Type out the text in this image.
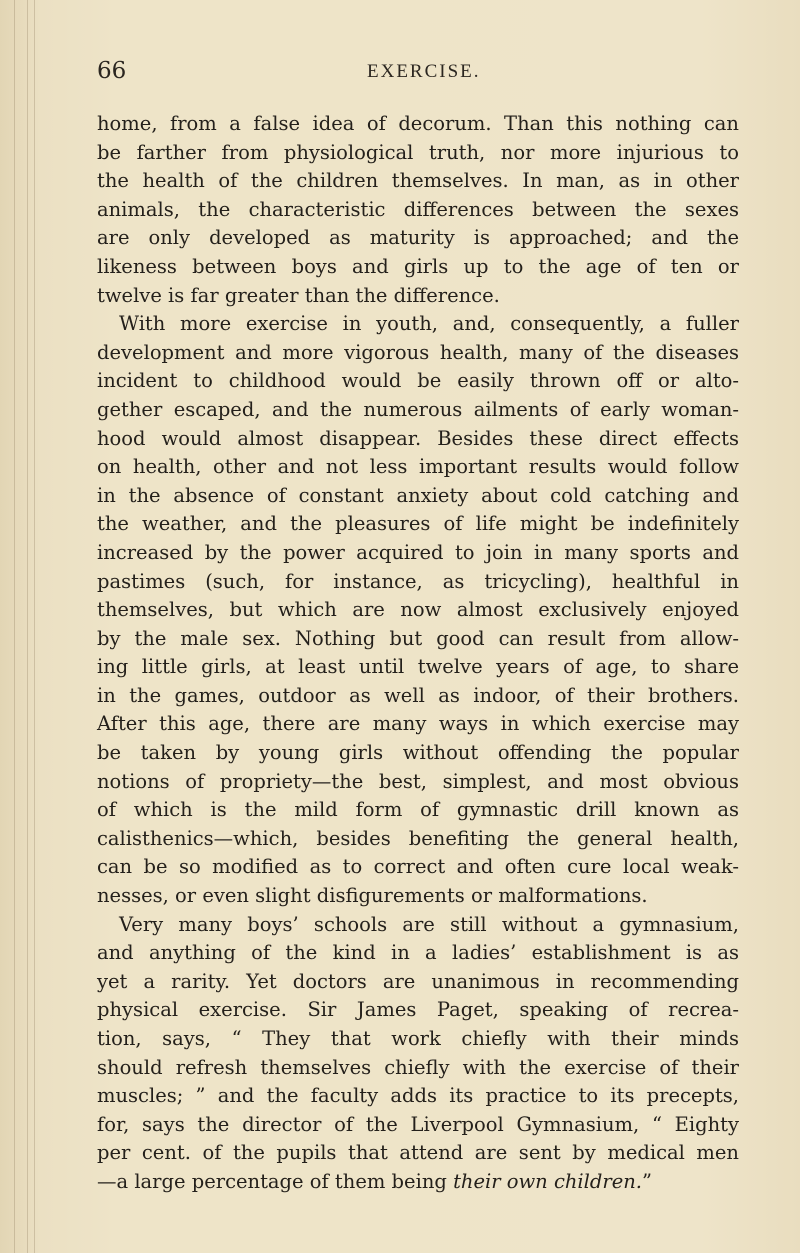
66	EXERCISE.
home, from a false idea of decorum. Than this nothing can
be farther from physiological truth, nor more injurious to
the health of the children themselves. In man, as in other
animals, the characteristic differences between the sexes
are only developed as maturity is approached; and the
likeness between boys and girls up to the age of ten or
twelve is far greater than the difference.
With more exercise in youth, and, consequently, a fuller
development and more vigorous health, many of the diseases
incident to childhood would be easily thrown off or alto-
gether escaped, and the numerous ailments of early woman-
hood would almost disappear. Besides these direct effects
on health, other and not less important results would follow
in the absence of constant anxiety about cold catching and
the weather, and the pleasures of life might be indefinitely
increased by the power acquired to join in many sports and
pastimes (such, for instance, as tricycling), healthful in
themselves, but which are now almost exclusively enjoyed
by the male sex. Nothing but good can result from allow-
ing little girls, at least until twelve years of age, to share
in the games, outdoor as well as indoor, of their brothers.
After this age, there are many ways in which exercise may
be taken by young girls without offending the popular
notions of propriety—the best, simplest, and most obvious
of which is the mild form of gymnastic drill known as
calisthenics—which, besides benefiting the general health,
can be so modified as to correct and often cure local weak-
nesses, or even slight disfigurements or malformations.
Very many boys’ schools are still without a gymnasium,
and anything of the kind in a ladies’ establishment is as
yet a rarity. Yet doctors are unanimous in recommending
physical exercise. Sir James Paget, speaking of recrea-
tion, says, “ They that work chiefly with their minds
should refresh themselves chiefly with the exercise of their
muscles; ” and the faculty adds its practice to its precepts,
for, says the director of the Liverpool Gymnasium, “ Eighty
per cent. of the pupils that attend are sent by medical men
—a large percentage of them being their own children.”
